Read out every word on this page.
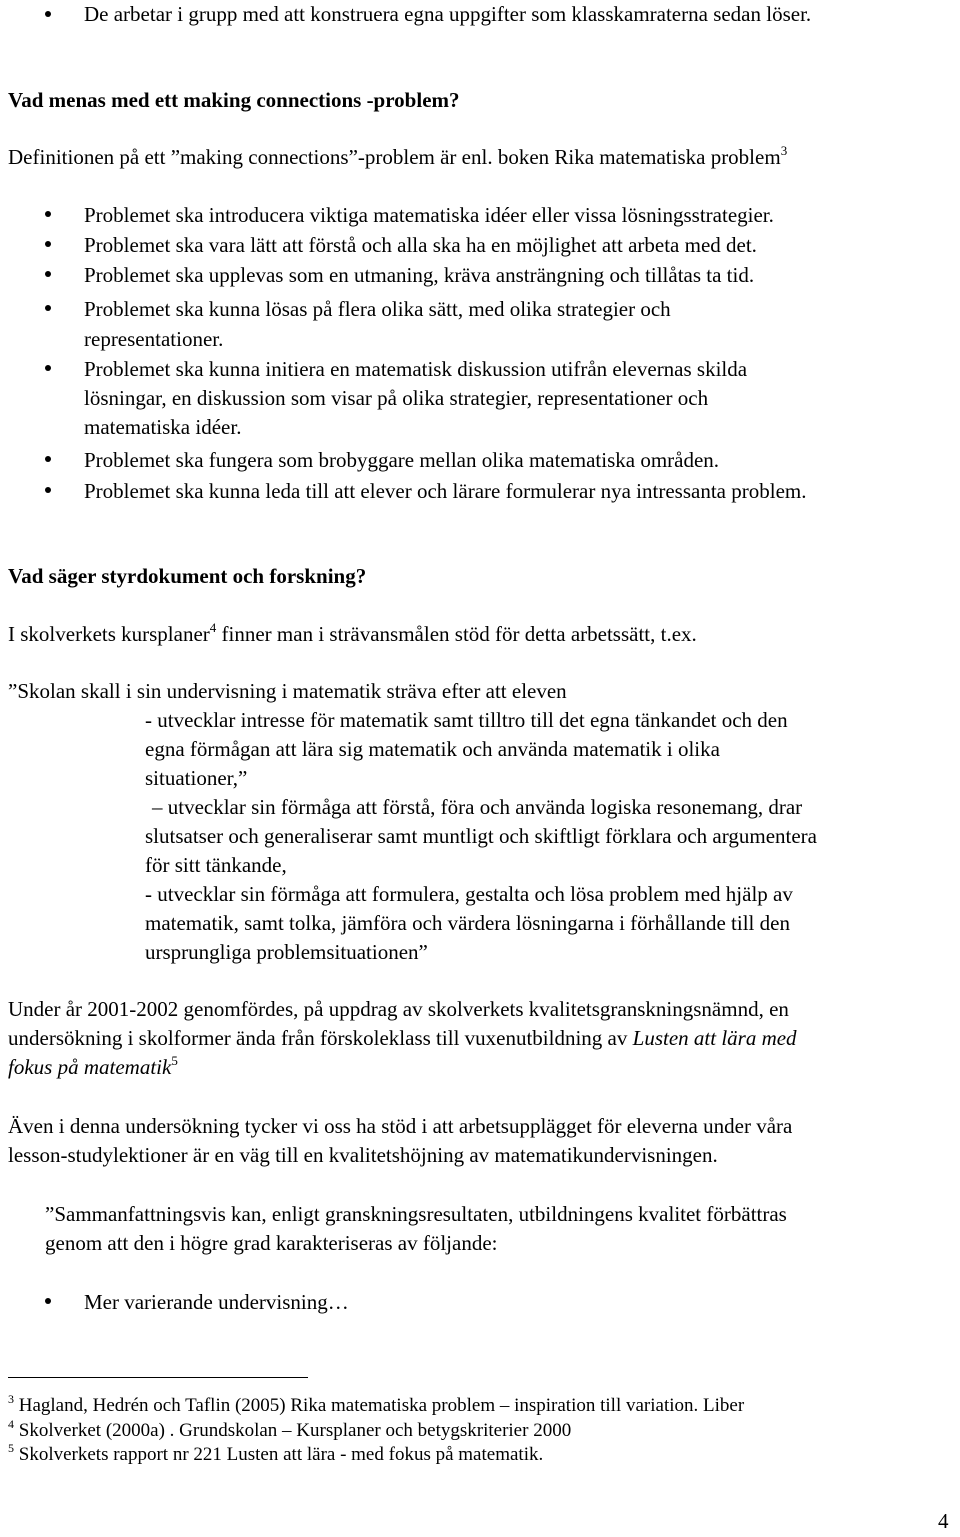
De arbetar i grupp med att konstruera egna uppgifter som klasskamraterna sedan löser.
Vad menas med ett making connections -problem?
Definitionen på ett ”making connections”-problem är enl. boken Rika matematiska problem$^3$
Problemet ska introducera viktiga matematiska idéer eller vissa lösningsstrategier.
Problemet ska vara lätt att förstå och alla ska ha en möjlighet att arbeta med det.
Problemet ska upplevas som en utmaning, kräva ansträngning och tillåtas ta tid.
Problemet ska kunna lösas på flera olika sätt, med olika strategier och
representationer.
Problemet ska kunna initiera en matematisk diskussion utifrån elevernas skilda
lösningar, en diskussion som visar på olika strategier, representationer och
matematiska idéer.
Problemet ska fungera som brobyggare mellan olika matematiska områden.
Problemet ska kunna leda till att elever och lärare formulerar nya intressanta problem.
Vad säger styrdokument och forskning?
I skolverkets kursplaner$^4$ finner man i strävansmålen stöd för detta arbetssätt, t.ex.
”Skolan skall i sin undervisning i matematik sträva efter att eleven
- utvecklar intresse för matematik samt tilltro till det egna tänkandet och den
egna förmågan att lära sig matematik och använda matematik i olika
situationer,”
– utvecklar sin förmåga att förstå, föra och använda logiska resonemang, drar
slutsatser och generaliserar samt muntligt och skiftligt förklara och argumentera
för sitt tänkande,
- utvecklar sin förmåga att formulera, gestalta och lösa problem med hjälp av
matematik, samt tolka, jämföra och värdera lösningarna i förhållande till den
ursprungliga problemsituationen”
Under år 2001-2002 genomfördes, på uppdrag av skolverkets kvalitetsgranskningsnämnd, en
undersökning i skolformer ända från förskoleklass till vuxenutbildning av Lusten att lära med
fokus på matematik$^5$
Även i denna undersökning tycker vi oss ha stöd i att arbetsupplägget för eleverna under våra
lesson-studylektioner är en väg till en kvalitetshöjning av matematikundervisningen.
”Sammanfattningsvis kan, enligt granskningsresultaten, utbildningens kvalitet förbättras
genom att den i högre grad karakteriseras av följande:
Mer varierande undervisning…
$^3$ Hagland, Hedrén och Taflin (2005) Rika matematiska problem – inspiration till variation. Liber
$^4$ Skolverket (2000a) . Grundskolan – Kursplaner och betygskriterier 2000
$^5$ Skolverkets rapport nr 221 Lusten att lära - med fokus på matematik.
4
